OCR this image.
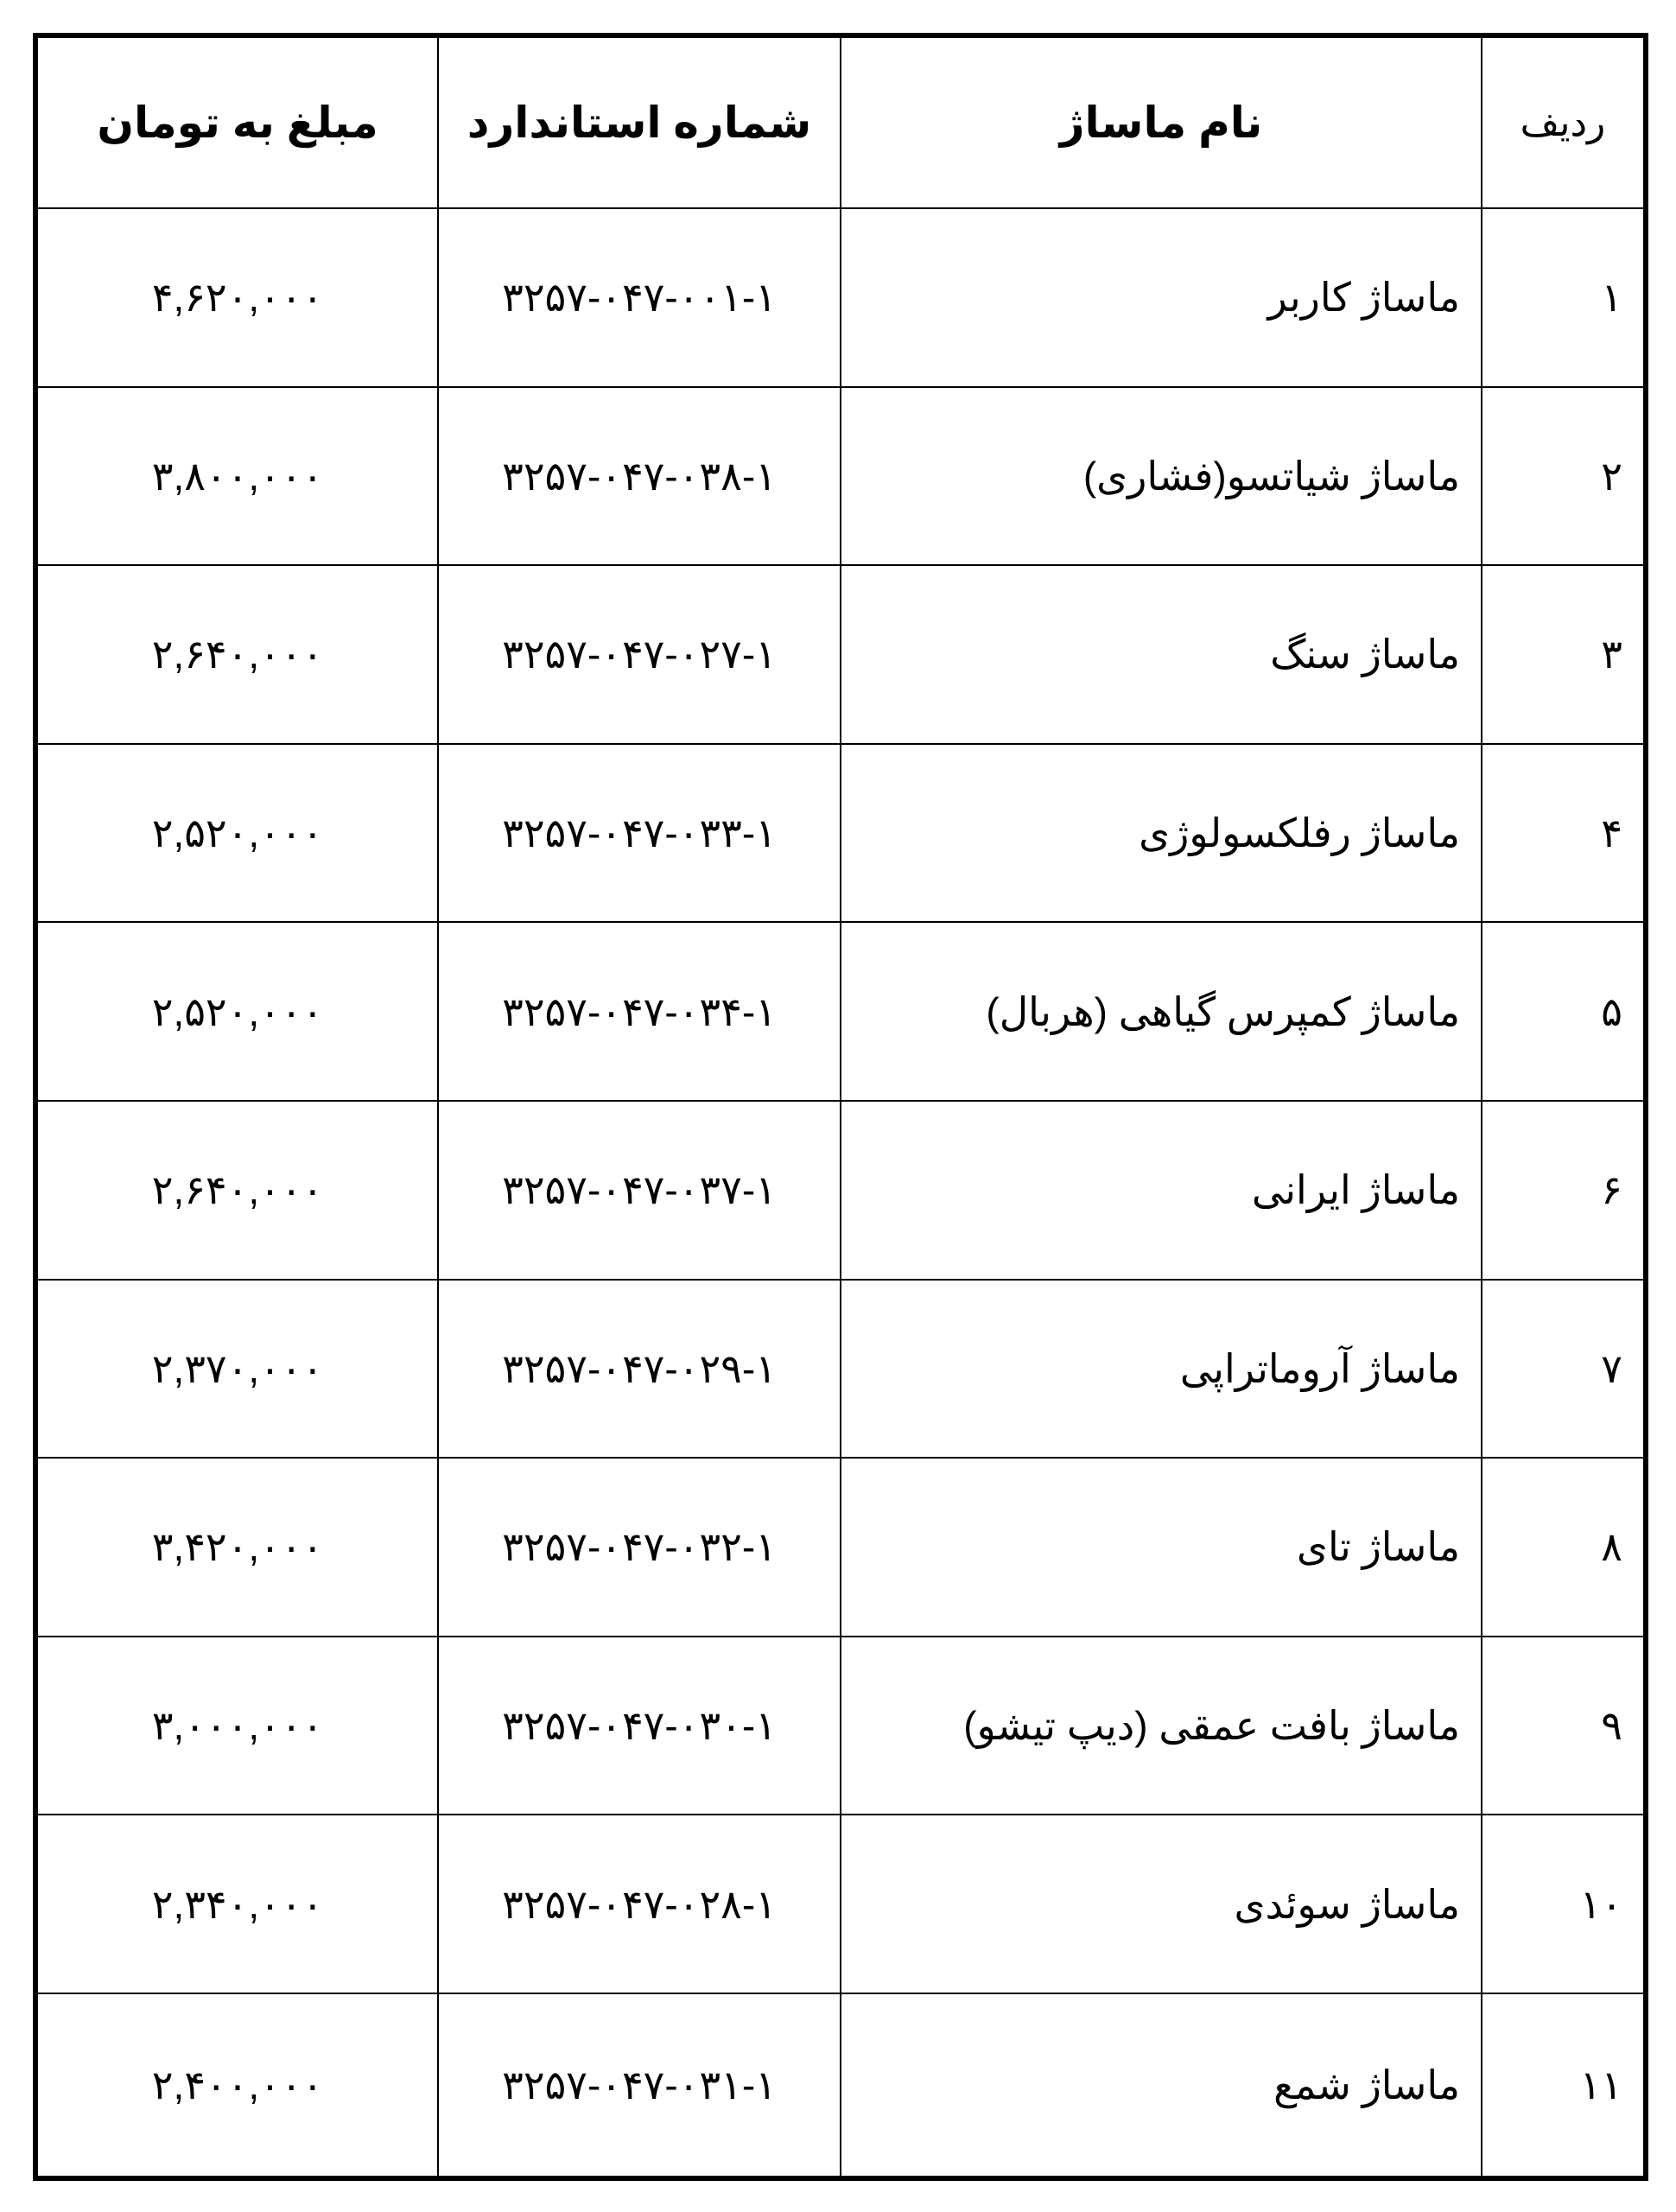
ردیف	نام ماساژ	شماره استاندارد	مبلغ به تومان
۱	ماساژ کاربر	۳۲۵۷-۰۴۷-۰۰۱-۱	۴,۶۲۰,۰۰۰
۲	ماساژ شیاتسو(فشاری)	۳۲۵۷-۰۴۷-۰۳۸-۱	۳,۸۰۰,۰۰۰
۳	ماساژ سنگ	۳۲۵۷-۰۴۷-۰۲۷-۱	۲,۶۴۰,۰۰۰
۴	ماساژ رفلکسولوژی	۳۲۵۷-۰۴۷-۰۳۳-۱	۲,۵۲۰,۰۰۰
۵	ماساژ کمپرس گیاهی (هربال)	۳۲۵۷-۰۴۷-۰۳۴-۱	۲,۵۲۰,۰۰۰
۶	ماساژ ایرانی	۳۲۵۷-۰۴۷-۰۳۷-۱	۲,۶۴۰,۰۰۰
۷	ماساژ آروماتراپی	۳۲۵۷-۰۴۷-۰۲۹-۱	۲,۳۷۰,۰۰۰
۸	ماساژ تای	۳۲۵۷-۰۴۷-۰۳۲-۱	۳,۴۲۰,۰۰۰
۹	ماساژ بافت عمقی (دیپ تیشو)	۳۲۵۷-۰۴۷-۰۳۰-۱	۳,۰۰۰,۰۰۰
۱۰	ماساژ سوئدی	۳۲۵۷-۰۴۷-۰۲۸-۱	۲,۳۴۰,۰۰۰
۱۱	ماساژ شمع	۳۲۵۷-۰۴۷-۰۳۱-۱	۲,۴۰۰,۰۰۰
